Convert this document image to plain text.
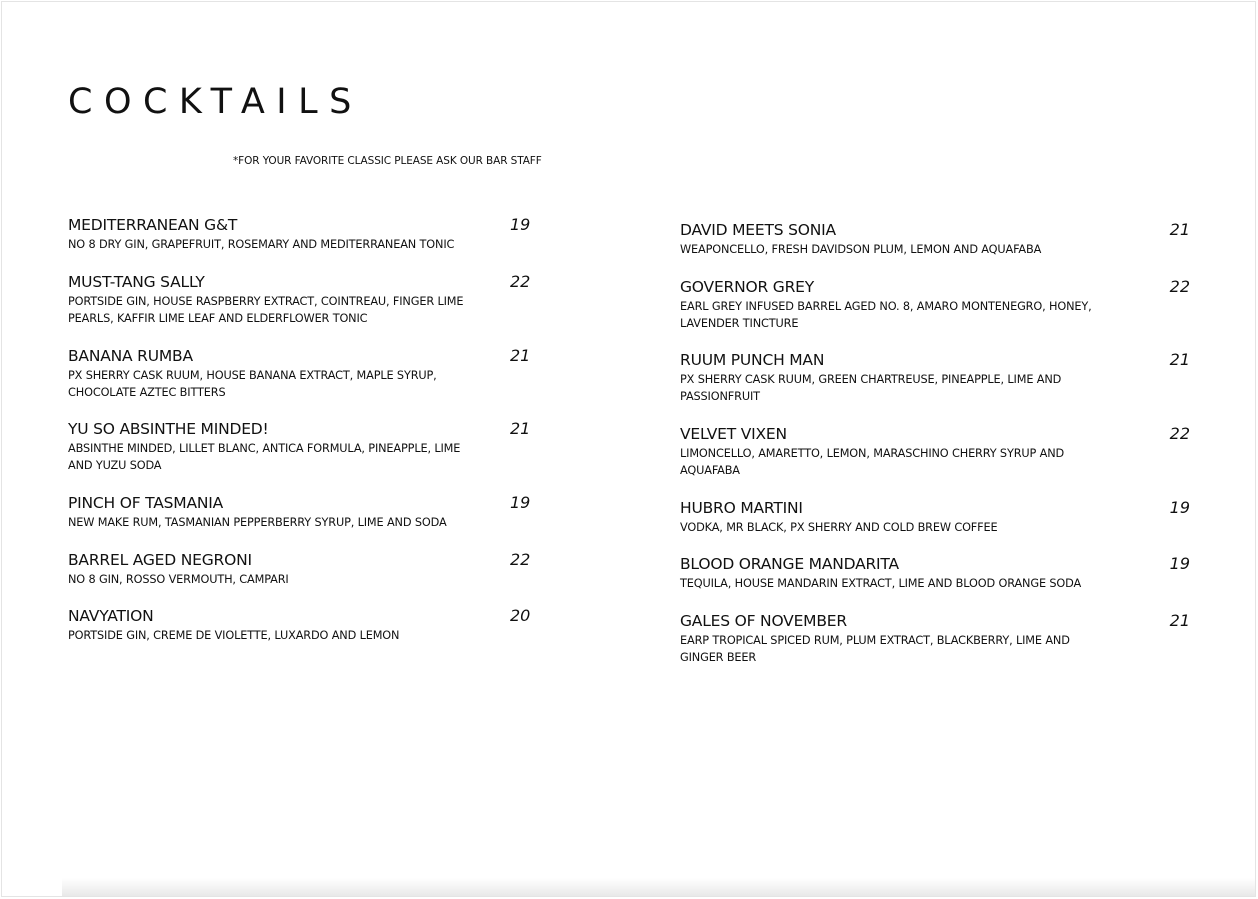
COCKTAILS
*FOR YOUR FAVORITE CLASSIC PLEASE ASK OUR BAR STAFF
MEDITERRANEAN G&T
NO 8 DRY GIN, GRAPEFRUIT, ROSEMARY AND MEDITERRANEAN TONIC
19
MUST-TANG SALLY
PORTSIDE GIN, HOUSE RASPBERRY EXTRACT, COINTREAU, FINGER LIME PEARLS, KAFFIR LIME LEAF AND ELDERFLOWER TONIC
22
BANANA RUMBA
PX SHERRY CASK RUUM, HOUSE BANANA EXTRACT, MAPLE SYRUP, CHOCOLATE AZTEC BITTERS
21
YU SO ABSINTHE MINDED!
ABSINTHE MINDED, LILLET BLANC, ANTICA FORMULA, PINEAPPLE, LIME AND YUZU SODA
21
PINCH OF TASMANIA
NEW MAKE RUM, TASMANIAN PEPPERBERRY SYRUP, LIME AND SODA
19
BARREL AGED NEGRONI
NO 8 GIN, ROSSO VERMOUTH, CAMPARI
22
NAVYATION
PORTSIDE GIN, CREME DE VIOLETTE, LUXARDO AND LEMON
20
DAVID MEETS SONIA
WEAPONCELLO, FRESH DAVIDSON PLUM, LEMON AND AQUAFABA
21
GOVERNOR GREY
EARL GREY INFUSED BARREL AGED NO. 8, AMARO MONTENEGRO, HONEY, LAVENDER TINCTURE
22
RUUM PUNCH MAN
PX SHERRY CASK RUUM, GREEN CHARTREUSE, PINEAPPLE, LIME AND PASSIONFRUIT
21
VELVET VIXEN
LIMONCELLO, AMARETTO, LEMON, MARASCHINO CHERRY SYRUP AND AQUAFABA
22
HUBRO MARTINI
VODKA, MR BLACK, PX SHERRY AND COLD BREW COFFEE
19
BLOOD ORANGE MANDARITA
TEQUILA, HOUSE MANDARIN EXTRACT, LIME AND BLOOD ORANGE SODA
19
GALES OF NOVEMBER
EARP TROPICAL SPICED RUM, PLUM EXTRACT, BLACKBERRY, LIME AND GINGER BEER
21
